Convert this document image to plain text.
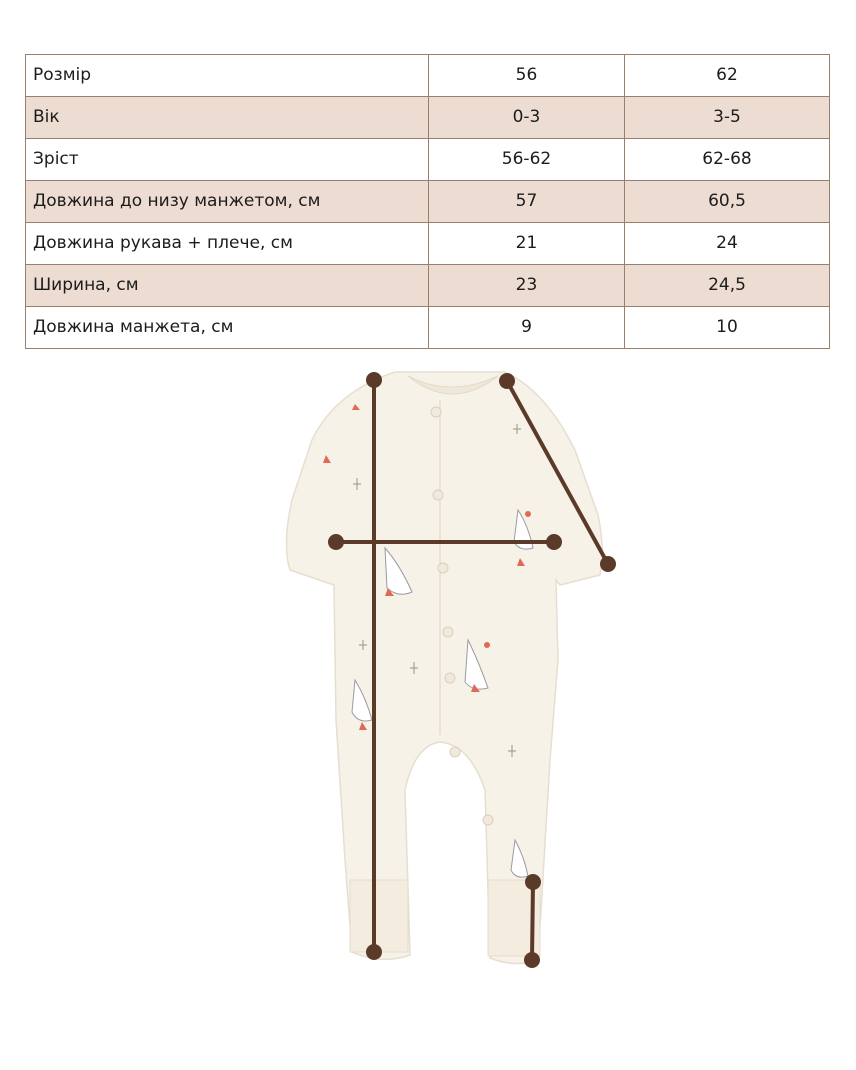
Розмір	56	62
Вік	0-3	3-5
Зріст	56-62	62-68
Довжина до низу манжетом, см	57	60,5
Довжина рукава + плече, см	21	24
Ширина, см	23	24,5
Довжина манжета, см	9	10
